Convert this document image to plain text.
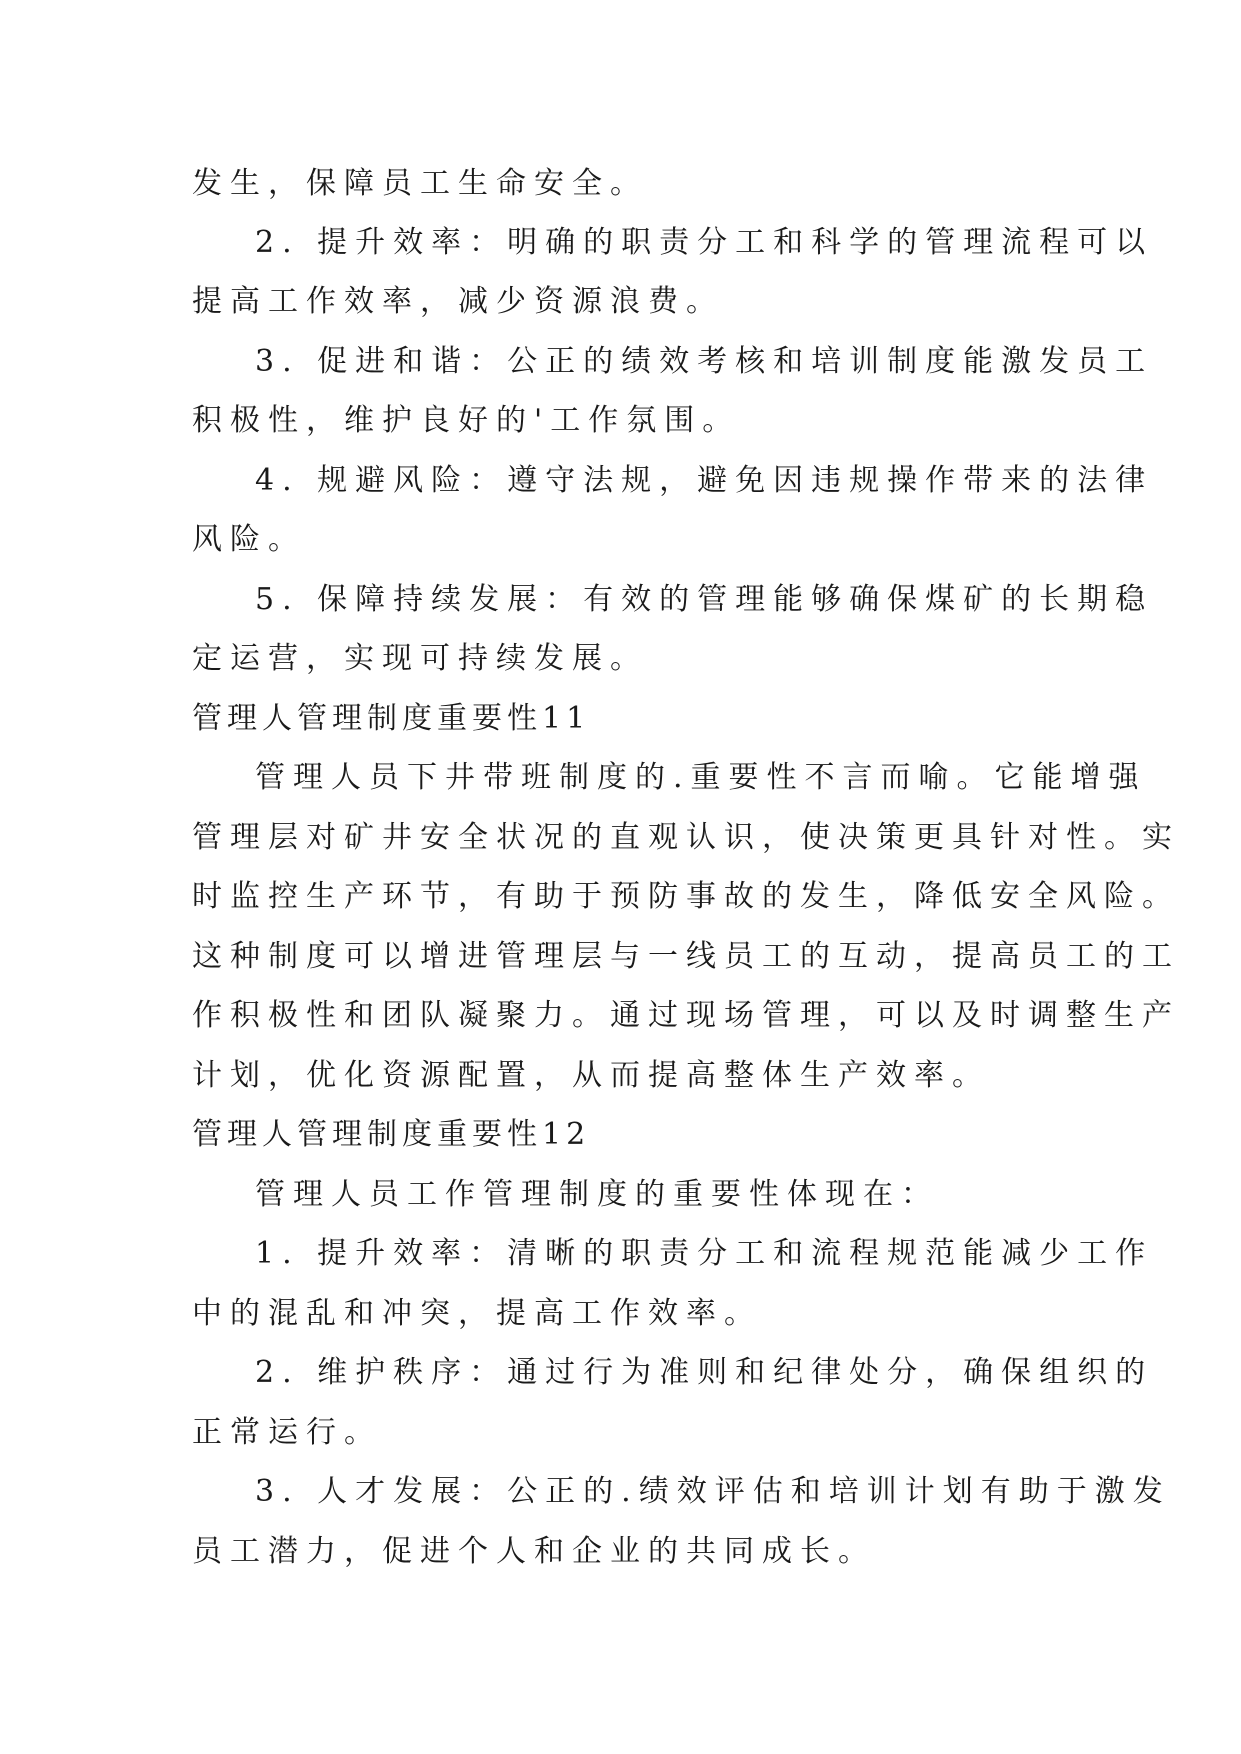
发生，保障员工生命安全。
2. 提升效率：明确的职责分工和科学的管理流程可以
提高工作效率，减少资源浪费。
3. 促进和谐：公正的绩效考核和培训制度能激发员工
积极性，维护良好的'工作氛围。
4. 规避风险：遵守法规，避免因违规操作带来的法律
风险。
5. 保障持续发展：有效的管理能够确保煤矿的长期稳
定运营，实现可持续发展。
管理人管理制度重要性11
管理人员下井带班制度的.重要性不言而喻。它能增强
管理层对矿井安全状况的直观认识，使决策更具针对性。实
时监控生产环节，有助于预防事故的发生，降低安全风险。
这种制度可以增进管理层与一线员工的互动，提高员工的工
作积极性和团队凝聚力。通过现场管理，可以及时调整生产
计划，优化资源配置，从而提高整体生产效率。
管理人管理制度重要性12
管理人员工作管理制度的重要性体现在：
1. 提升效率：清晰的职责分工和流程规范能减少工作
中的混乱和冲突，提高工作效率。
2. 维护秩序：通过行为准则和纪律处分，确保组织的
正常运行。
3. 人才发展：公正的.绩效评估和培训计划有助于激发
员工潜力，促进个人和企业的共同成长。
